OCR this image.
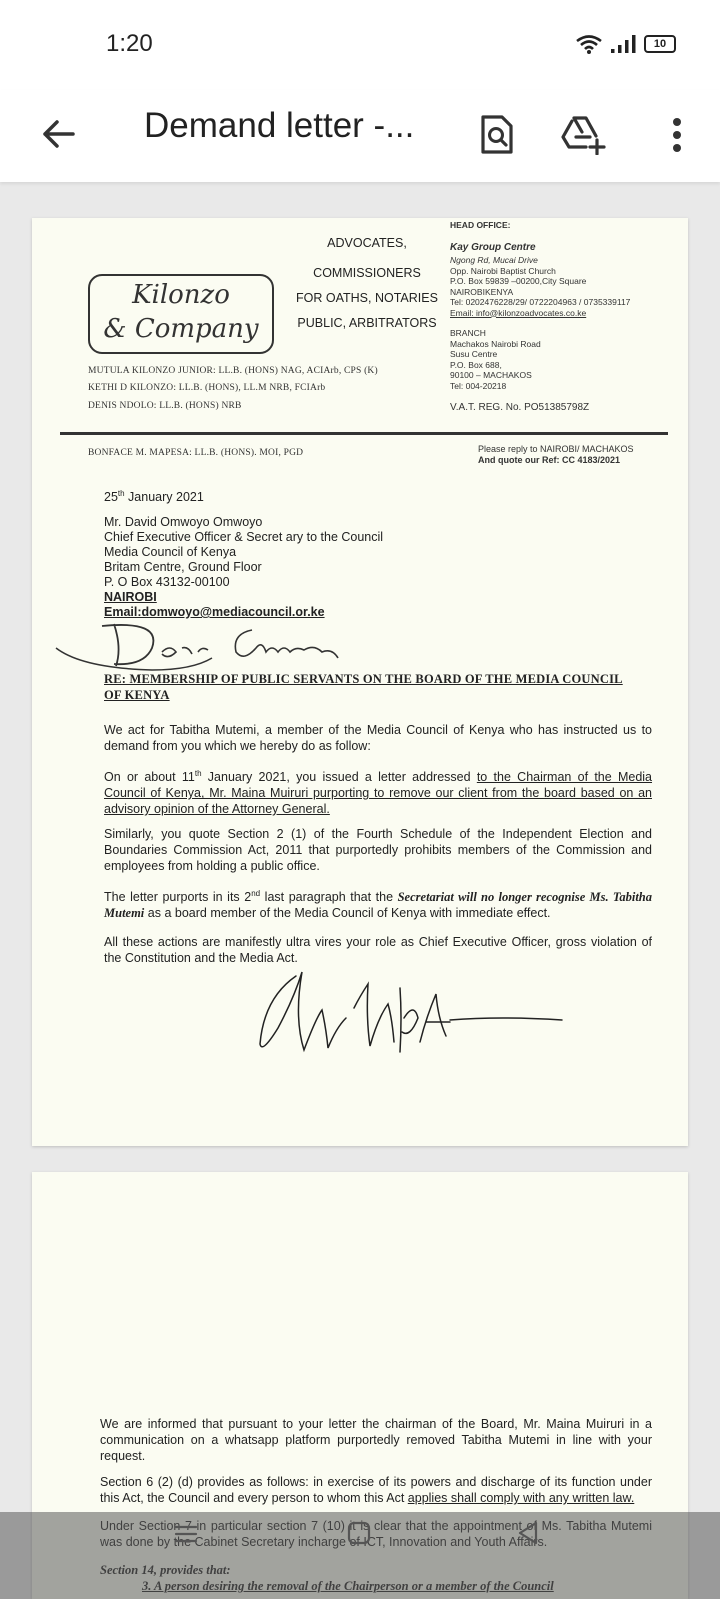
1:20	10
Demand letter -...
ADVOCATES,
COMMISSIONERS
FOR OATHS, NOTARIES
PUBLIC, ARBITRATORS
Kilonzo
& Company
HEAD OFFICE:
Kay Group Centre
Ngong Rd, Mucai Drive
Opp. Nairobi Baptist Church
P.O. Box 59839 –00200,City Square
NAIROBIKENYA
Tel: 0202476228/29/ 0722204963 / 0735339117
Email: info@kilonzoadvocates.co.ke
BRANCH
Machakos Nairobi Road
Susu Centre
P.O. Box 688,
90100 – MACHAKOS
Tel: 004-20218
V.A.T. REG. No. PO51385798Z
MUTULA KILONZO JUNIOR: LL.B. (HONS) NAG, ACIArb, CPS (K)
KETHI D KILONZO: LL.B. (HONS), LL.M NRB, FCIArb
DENIS NDOLO: LL.B. (HONS) NRB
BONFACE M. MAPESA: LL.B. (HONS). MOI, PGD	Please reply to NAIROBI/ MACHAKOS
And quote our Ref: CC 4183/2021
25th January 2021
Mr. David Omwoyo Omwoyo
Chief Executive Officer & Secret ary to the Council
Media Council of Kenya
Britam Centre, Ground Floor
P. O Box 43132-00100
NAIROBI
Email:domwoyo@mediacouncil.or.ke
RE: MEMBERSHIP OF PUBLIC SERVANTS ON THE BOARD OF THE MEDIA COUNCIL
OF KENYA
We act for Tabitha Mutemi, a member of the Media Council of Kenya who has instructed us to demand from you which we hereby do as follow:
On or about 11th January 2021, you issued a letter addressed to the Chairman of the Media Council of Kenya, Mr. Maina Muiruri purporting to remove our client from the board based on an advisory opinion of the Attorney General.
Similarly, you quote Section 2 (1) of the Fourth Schedule of the Independent Election and Boundaries Commission Act, 2011 that purportedly prohibits members of the Commission and employees from holding a public office.
The letter purports in its 2nd last paragraph that the Secretariat will no longer recognise Ms. Tabitha Mutemi as a board member of the Media Council of Kenya with immediate effect.
All these actions are manifestly ultra vires your role as Chief Executive Officer, gross violation of the Constitution and the Media Act.
We are informed that pursuant to your letter the chairman of the Board, Mr. Maina Muiruri in a communication on a whatsapp platform purportedly removed Tabitha Mutemi in line with your request.
Section 6 (2) (d) provides as follows: in exercise of its powers and discharge of its function under this Act, the Council and every person to whom this Act applies shall comply with any written law.
